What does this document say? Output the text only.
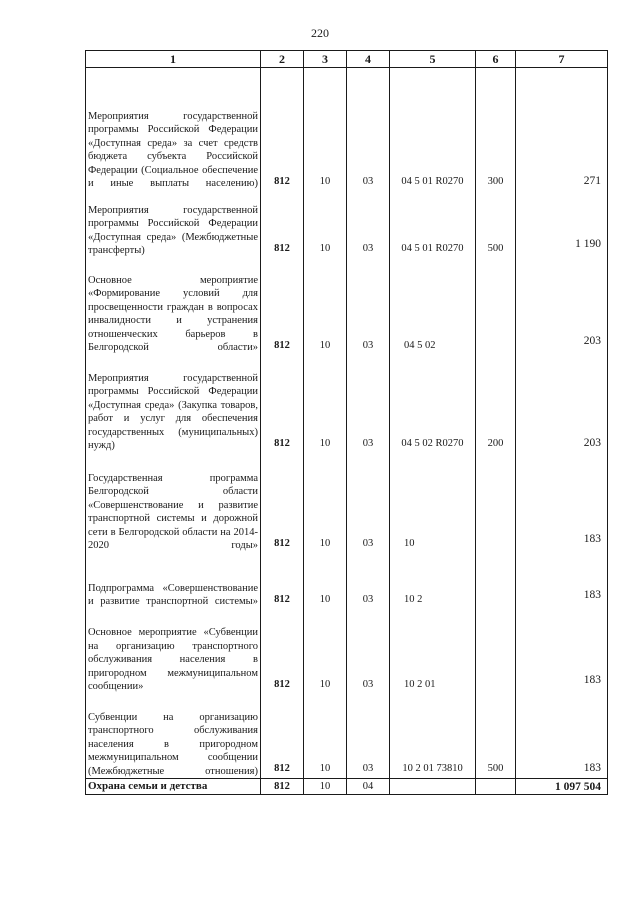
220
1	2	3	4	5	6	7
Мероприятия государственной программы Российской Федерации «Доступная среда» за счет средств бюджета субъекта Российской Федерации (Социальное обеспечение и иные выплаты населению)	812	10	03	04 5 01 R0270	300	271
Мероприятия государственной программы Российской Федерации «Доступная среда» (Межбюджетные трансферты)	812	10	03	04 5 01 R0270	500	1 190
Основное мероприятие «Формирование условий для просвещенности граждан в вопросах инвалидности и устранения отношенческих барьеров в Белгородской области»	812	10	03	04 5 02		203
Мероприятия государственной программы Российской Федерации «Доступная среда» (Закупка товаров, работ и услуг для обеспечения государственных (муниципальных) нужд)	812	10	03	04 5 02 R0270	200	203
Государственная программа Белгородской области «Совершенствование и развитие транспортной системы и дорожной сети в Белгородской области на 2014-2020 годы»	812	10	03	10		183
Подпрограмма «Совершенствование и развитие транспортной системы»	812	10	03	10 2		183
Основное мероприятие «Субвенции на организацию транспортного обслуживания населения в пригородном межмуниципальном сообщении»	812	10	03	10 2 01		183
Субвенции на организацию транспортного обслуживания населения в пригородном межмуниципальном сообщении (Межбюджетные отношения)	812	10	03	10 2 01 73810	500	183
Охрана семьи и детства	812	10	04			1 097 504
